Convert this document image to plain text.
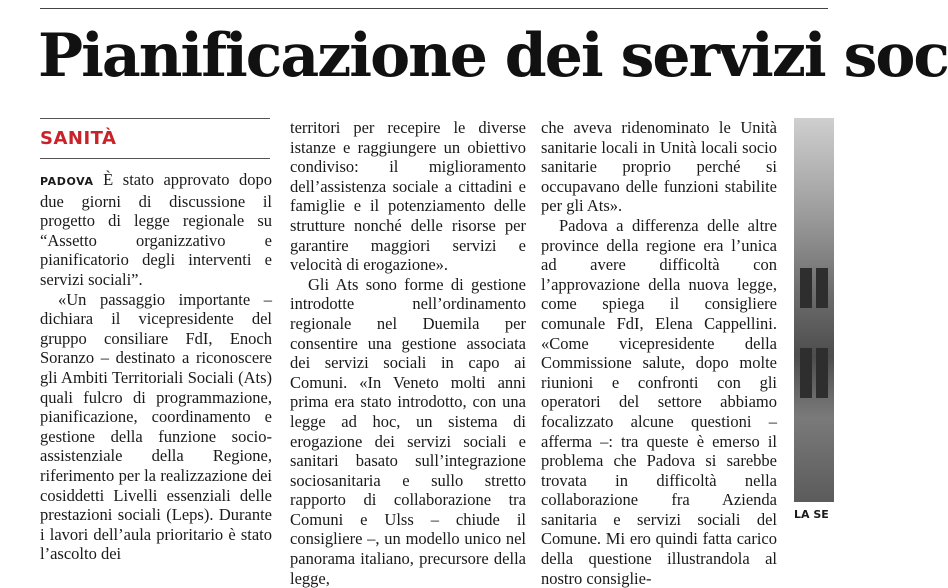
Pianificazione dei servizi soc
SANITÀ

PADOVA È stato approvato dopo due giorni di discussione il progetto di legge regionale su “Assetto organizzativo e pianificatorio degli interventi e servizi sociali”.

«Un passaggio importante – dichiara il vicepresidente del gruppo consiliare FdI, Enoch Soranzo – destinato a riconoscere gli Ambiti Territoriali Sociali (Ats) quali fulcro di programmazione, pianificazione, coordinamento e gestione della funzione socio-assistenziale della Regione, riferimento per la realizzazione dei cosiddetti Livelli essenziali delle prestazioni sociali (Leps). Durante i lavori dell’aula prioritario è stato l’ascolto dei

territori per recepire le diverse istanze e raggiungere un obiettivo condiviso: il miglioramento dell’assistenza sociale a cittadini e famiglie e il potenziamento delle strutture nonché delle risorse per garantire maggiori servizi e velocità di erogazione».

Gli Ats sono forme di gestione introdotte nell’ordinamento regionale nel Duemila per consentire una gestione associata dei servizi sociali in capo ai Comuni. «In Veneto molti anni prima era stato introdotto, con una legge ad hoc, un sistema di erogazione dei servizi sociali e sanitari basato sull’integrazione sociosanitaria e sullo stretto rapporto di collaborazione tra Comuni e Ulss – chiude il consigliere –, un modello unico nel panorama italiano, precursore della legge,

che aveva ridenominato le Unità sanitarie locali in Unità locali socio sanitarie proprio perché si occupavano delle funzioni stabilite per gli Ats».

Padova a differenza delle altre province della regione era l’unica ad avere difficoltà con l’approvazione della nuova legge, come spiega il consigliere comunale FdI, Elena Cappellini. «Come vicepresidente della Commissione salute, dopo molte riunioni e confronti con gli operatori del settore abbiamo focalizzato alcune questioni – afferma –: tra queste è emerso il problema che Padova si sarebbe trovata in difficoltà nella collaborazione fra Azienda sanitaria e servizi sociali del Comune. Mi ero quindi fatta carico della questione illustrandola al nostro consiglie-

LA SE
